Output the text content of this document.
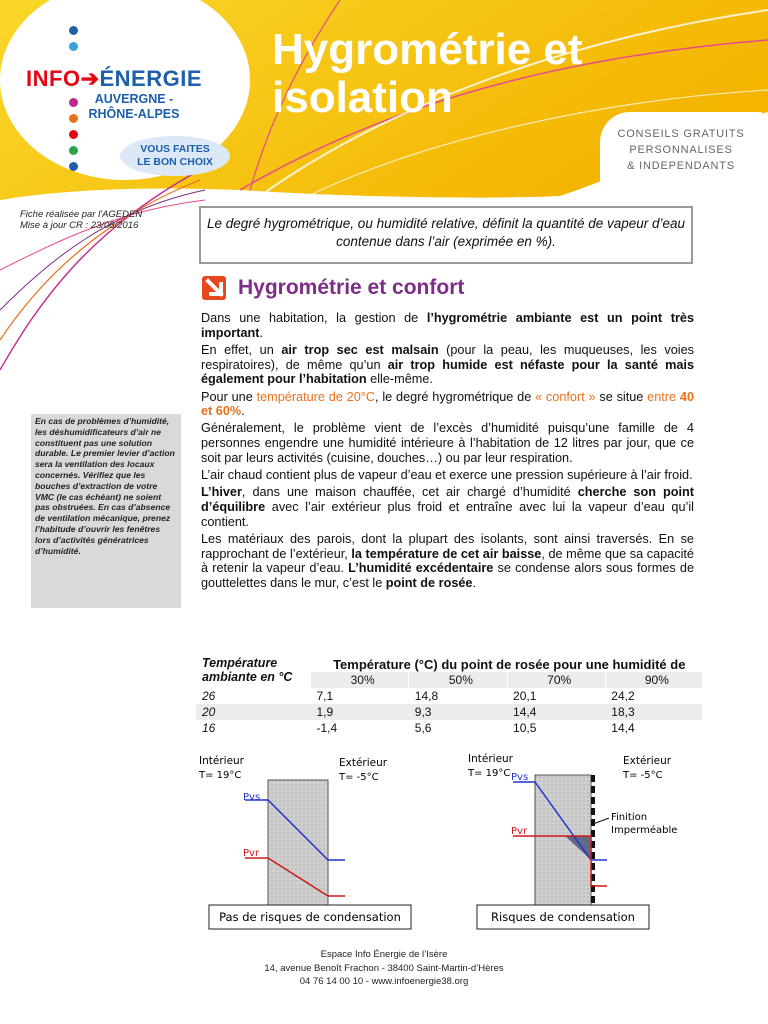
INFO➔ÉNERGIE
AUVERGNE -
RHÔNE-ALPES
VOUS FAITES
LE BON CHOIX
Hygrométrie et isolation
CONSEILS GRATUITS
PERSONNALISES
& INDEPENDANTS
Fiche réalisée par l'AGEDEN
Mise à jour CR : 23/08/2016	Le degré hygrométrique, ou humidité relative, définit la quantité de vapeur d’eau contenue dans l’air (exprimée en %).
Hygrométrie et confort

Dans une habitation, la gestion de l’hygrométrie ambiante est un point très important.

En effet, un air trop sec est malsain (pour la peau, les muqueuses, les voies respiratoires), de même qu’un air trop humide est néfaste pour la santé mais également pour l’habitation elle-même.

Pour une température de 20°C, le degré hygrométrique de « confort » se situe entre 40 et 60%.

Généralement, le problème vient de l’excès d’humidité puisqu’une famille de 4 personnes engendre une humidité intérieure à l’habitation de 12 litres par jour, que ce soit par leurs activités (cuisine, douches…) ou par leur respiration.

L’air chaud contient plus de vapeur d’eau et exerce une pression supérieure à l’air froid.

L’hiver, dans une maison chauffée, cet air chargé d’humidité cherche son point d’équilibre avec l’air extérieur plus froid et entraîne avec lui la vapeur d’eau qu’il contient.

Les matériaux des parois, dont la plupart des isolants, sont ainsi traversés. En se rapprochant de l’extérieur, la température de cet air baisse, de même que sa capacité à retenir la vapeur d’eau. L’humidité excédentaire se condense alors sous formes de gouttelettes dans le mur, c’est le point de rosée.

En cas de problèmes d’humidité, les déshumidificateurs d’air ne constituent pas une solution durable. Le premier levier d’action sera la ventilation des locaux concernés. Vérifiez que les bouches d’extraction de votre VMC (le cas échéant) ne soient pas obstruées. En cas d’absence de ventilation mécanique, prenez l’habitude d’ouvrir les fenêtres lors d’activités génératrices d’humidité.
Température ambiante en °C	Température (°C) du point de rosée pour une humidité de			
	30%	50%	70%	90%
26	7,1	14,8	20,1	24,2
20	1,9	9,3	14,4	18,3
16	-1,4	5,6	10,5	14,4
Intérieur
T= 19°C
Extérieur
T= -5°C
Pvs
Pvr
Pas de risques de condensation
Intérieur
T= 19°C
Extérieur
T= -5°C
Pvs
Pvr
Finition
Imperméable
Risques de condensation
Espace Info Énergie de l’Isère
14, avenue Benoît Frachon - 38400 Saint-Martin-d’Hères
04 76 14 00 10 - www.infoenergie38.org
